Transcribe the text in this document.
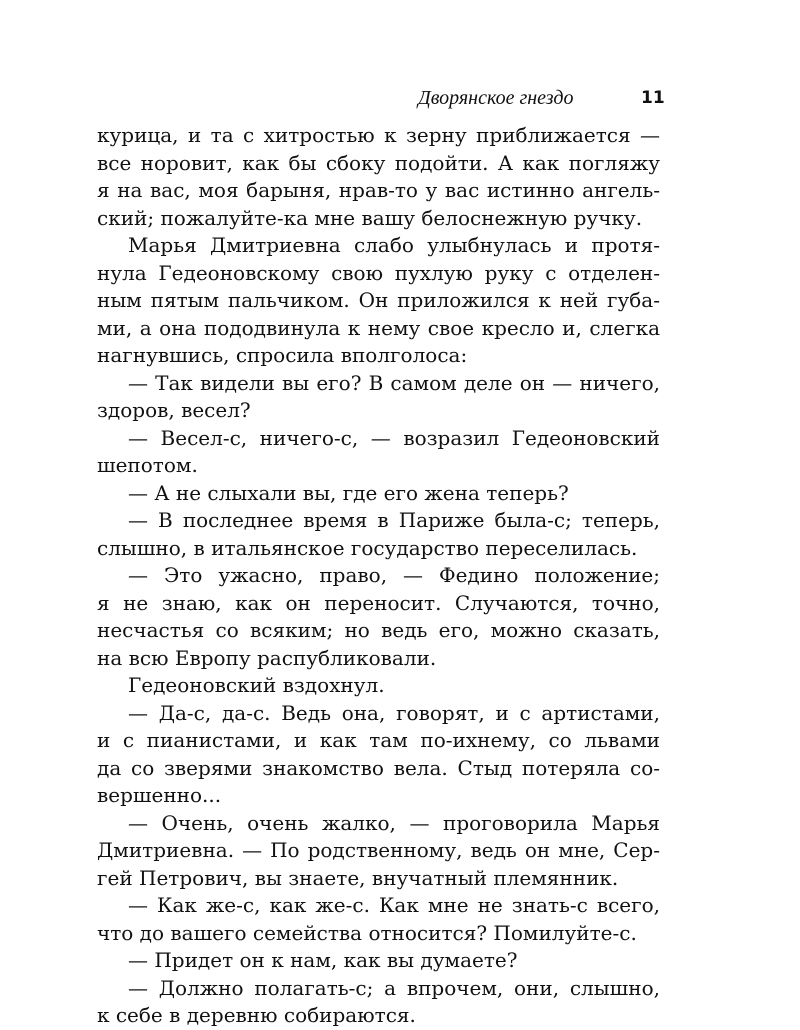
Дворянское гнездо	11
курица, и та с хитростью к зерну приближается —
все норовит, как бы сбоку подойти. А как погляжу
я на вас, моя барыня, нрав-то у вас истинно ангель-
ский; пожалуйте-ка мне вашу белоснежную ручку.
Марья Дмитриевна слабо улыбнулась и протя-
нула Гедеоновскому свою пухлую руку с отделен-
ным пятым пальчиком. Он приложился к ней губа-
ми, а она пододвинула к нему свое кресло и, слегка
нагнувшись, спросила вполголоса:
— Так видели вы его? В самом деле он — ничего,
здоров, весел?
— Весел-с, ничего-с, — возразил Гедеоновский
шепотом.
— А не слыхали вы, где его жена теперь?
— В последнее время в Париже была-с; теперь,
слышно, в итальянское государство переселилась.
— Это ужасно, право, — Федино положение;
я не знаю, как он переносит. Случаются, точно,
несчастья со всяким; но ведь его, можно сказать,
на всю Европу распубликовали.
Гедеоновский вздохнул.
— Да-с, да-с. Ведь она, говорят, и с артистами,
и с пианистами, и как там по-ихнему, со львами
да со зверями знакомство вела. Стыд потеряла со-
вершенно...
— Очень, очень жалко, — проговорила Марья
Дмитриевна. — По родственному, ведь он мне, Сер-
гей Петрович, вы знаете, внучатный племянник.
— Как же-с, как же-с. Как мне не знать-с всего,
что до вашего семейства относится? Помилуйте-с.
— Придет он к нам, как вы думаете?
— Должно полагать-с; а впрочем, они, слышно,
к себе в деревню собираются.
